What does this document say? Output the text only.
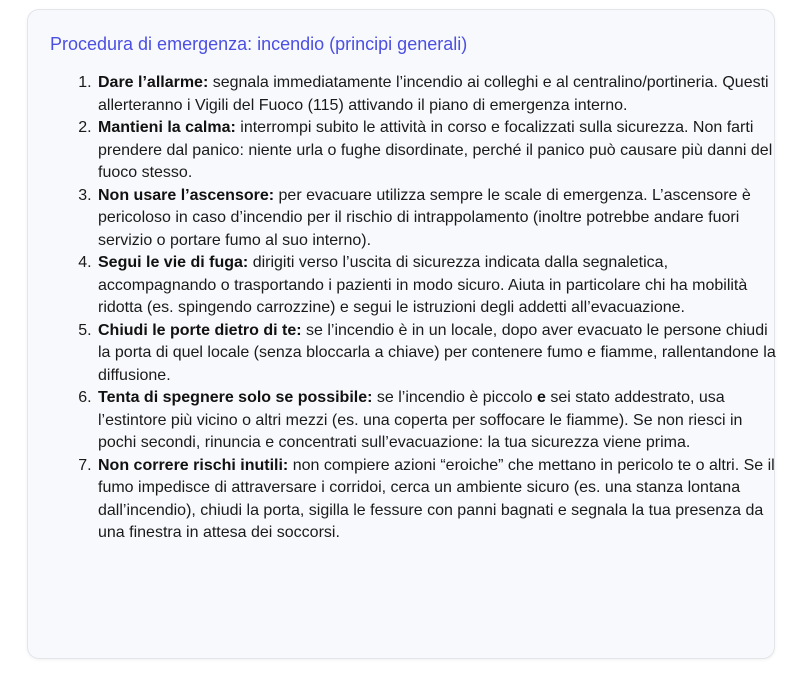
Procedura di emergenza: incendio (principi generali)
1. Dare l’allarme: segnala immediatamente l’incendio ai colleghi e al centralino/portineria. Questi allerteranno i Vigili del Fuoco (115) attivando il piano di emergenza interno.
2. Mantieni la calma: interrompi subito le attività in corso e focalizzati sulla sicurezza. Non farti prendere dal panico: niente urla o fughe disordinate, perché il panico può causare più danni del fuoco stesso.
3. Non usare l’ascensore: per evacuare utilizza sempre le scale di emergenza. L’ascensore è pericoloso in caso d’incendio per il rischio di intrappolamento (inoltre potrebbe andare fuori servizio o portare fumo al suo interno).
4. Segui le vie di fuga: dirigiti verso l’uscita di sicurezza indicata dalla segnaletica, accompagnando o trasportando i pazienti in modo sicuro. Aiuta in particolare chi ha mobilità ridotta (es. spingendo carrozzine) e segui le istruzioni degli addetti all’evacuazione.
5. Chiudi le porte dietro di te: se l’incendio è in un locale, dopo aver evacuato le persone chiudi la porta di quel locale (senza bloccarla a chiave) per contenere fumo e fiamme, rallentandone la diffusione.
6. Tenta di spegnere solo se possibile: se l’incendio è piccolo e sei stato addestrato, usa l’estintore più vicino o altri mezzi (es. una coperta per soffocare le fiamme). Se non riesci in pochi secondi, rinuncia e concentrati sull’evacuazione: la tua sicurezza viene prima.
7. Non correre rischi inutili: non compiere azioni “eroiche” che mettano in pericolo te o altri. Se il fumo impedisce di attraversare i corridoi, cerca un ambiente sicuro (es. una stanza lontana dall’incendio), chiudi la porta, sigilla le fessure con panni bagnati e segnala la tua presenza da una finestra in attesa dei soccorsi.
